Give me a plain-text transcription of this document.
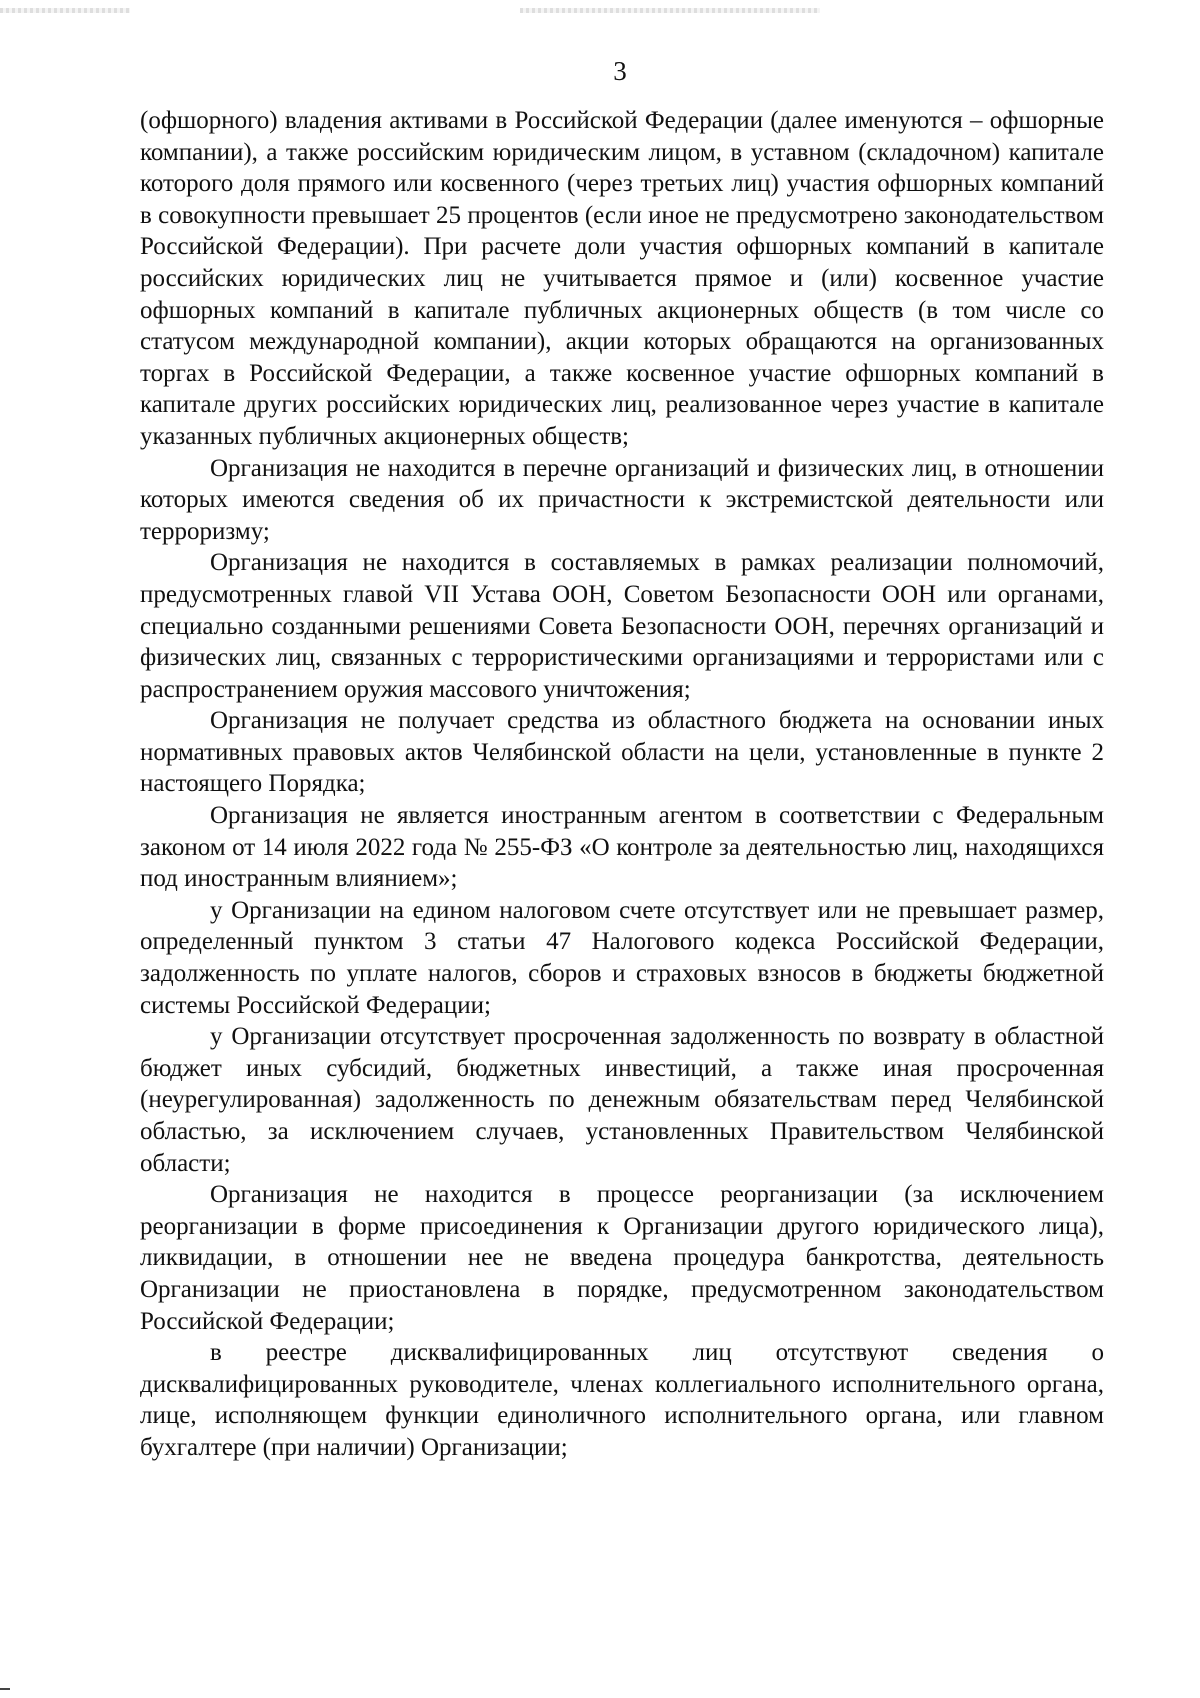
3

(офшорного) владения активами в Российской Федерации (далее именуются – офшорные компании), а также российским юридическим лицом, в уставном (складочном) капитале которого доля прямого или косвенного (через третьих лиц) участия офшорных компаний в совокупности превышает 25 процентов (если иное не предусмотрено законодательством Российской Федерации). При расчете доли участия офшорных компаний в капитале российских юридических лиц не учитывается прямое и (или) косвенное участие офшорных компаний в капитале публичных акционерных обществ (в том числе со статусом международной компании), акции которых обращаются на организованных торгах в Российской Федерации, а также косвенное участие офшорных компаний в капитале других российских юридических лиц, реализованное через участие в капитале указанных публичных акционерных обществ;

Организация не находится в перечне организаций и физических лиц, в отношении которых имеются сведения об их причастности к экстремистской деятельности или терроризму;

Организация не находится в составляемых в рамках реализации полномочий, предусмотренных главой VII Устава ООН, Советом Безопасности ООН или органами, специально созданными решениями Совета Безопасности ООН, перечнях организаций и физических лиц, связанных с террористическими организациями и террористами или с распространением оружия массового уничтожения;

Организация не получает средства из областного бюджета на основании иных нормативных правовых актов Челябинской области на цели, установленные в пункте 2 настоящего Порядка;

Организация не является иностранным агентом в соответствии с Федеральным законом от 14 июля 2022 года № 255-ФЗ «О контроле за деятельностью лиц, находящихся под иностранным влиянием»;

у Организации на едином налоговом счете отсутствует или не превышает размер, определенный пунктом 3 статьи 47 Налогового кодекса Российской Федерации, задолженность по уплате налогов, сборов и страховых взносов в бюджеты бюджетной системы Российской Федерации;

у Организации отсутствует просроченная задолженность по возврату в областной бюджет иных субсидий, бюджетных инвестиций, а также иная просроченная (неурегулированная) задолженность по денежным обязательствам перед Челябинской областью, за исключением случаев, установленных Правительством Челябинской области;

Организация не находится в процессе реорганизации (за исключением реорганизации в форме присоединения к Организации другого юридического лица), ликвидации, в отношении нее не введена процедура банкротства, деятельность Организации не приостановлена в порядке, предусмотренном законодательством Российской Федерации;

в реестре дисквалифицированных лиц отсутствуют сведения о дисквалифицированных руководителе, членах коллегиального исполнительного органа, лице, исполняющем функции единоличного исполнительного органа, или главном бухгалтере (при наличии) Организации;
